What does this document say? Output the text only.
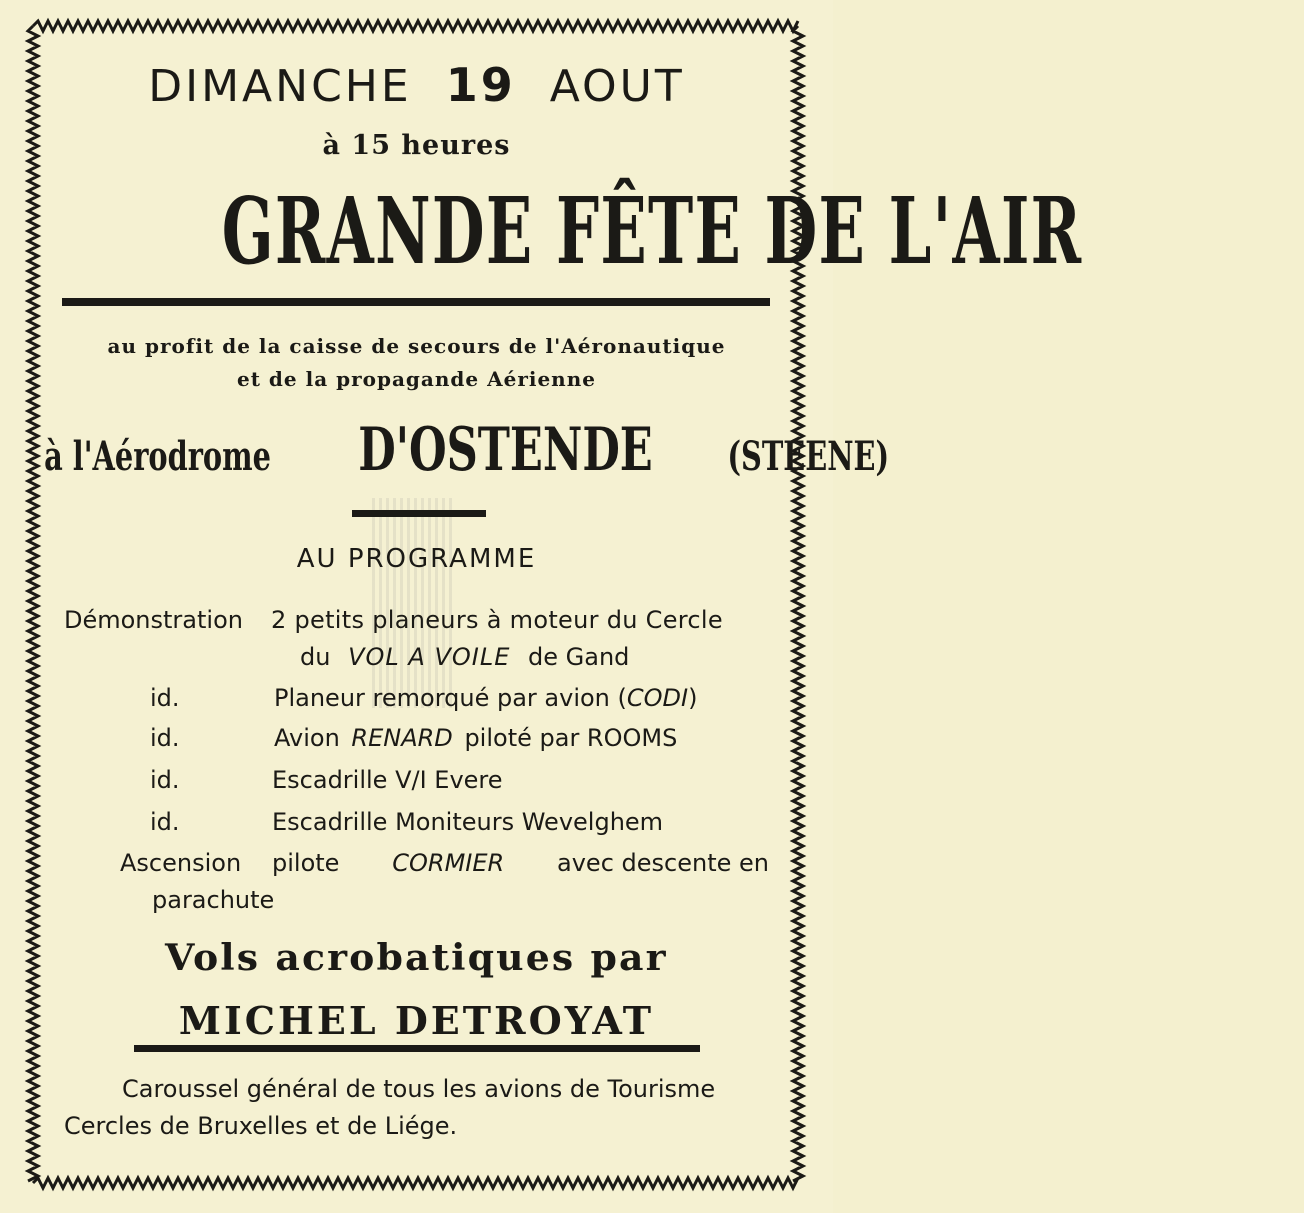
DIMANCHE 19 AOUT
à 15 heures
GRANDE FÊTE DE L'AIR
au profit de la caisse de secours de l'Aéronautique
et de la propagande Aérienne
à l'Aérodrome D'OSTENDE (STEENE)
AU PROGRAMME
Démonstration 2 petits planeurs à moteur du Cercle
du VOL A VOILE de Gand
id.	Planeur remorqué par avion (CODI)
id.	Avion RENARD piloté par ROOMS
id.	Escadrille V/I Evere
id.	Escadrille Moniteurs Wevelghem
Ascension pilote CORMIER avec descente en
parachute
Vols acrobatiques par
MICHEL DETROYAT
Caroussel général de tous les avions de Tourisme
Cercles de Bruxelles et de Liége.
